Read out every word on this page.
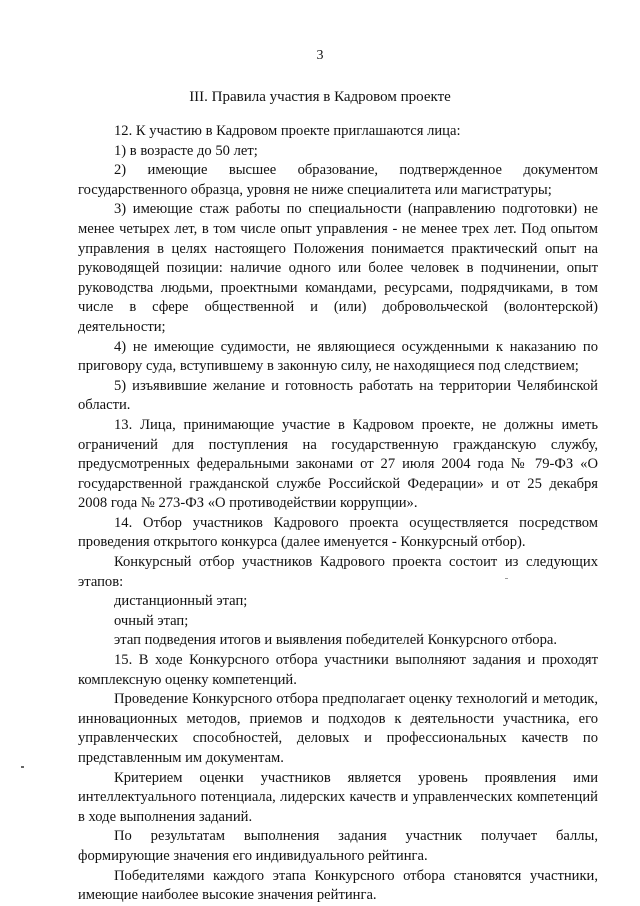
3
III. Правила участия в Кадровом проекте

12. К участию в Кадровом проекте приглашаются лица:

1) в возрасте до 50 лет;

2) имеющие высшее образование, подтвержденное документом государственного образца, уровня не ниже специалитета или магистратуры;

3) имеющие стаж работы по специальности (направлению подготовки) не менее четырех лет, в том числе опыт управления - не менее трех лет. Под опытом управления в целях настоящего Положения понимается практический опыт на руководящей позиции: наличие одного или более человек в подчинении, опыт руководства людьми, проектными командами, ресурсами, подрядчиками, в том числе в сфере общественной и (или) добровольческой (волонтерской) деятельности;

4) не имеющие судимости, не являющиеся осужденными к наказанию по приговору суда, вступившему в законную силу, не находящиеся под следствием;

5) изъявившие желание и готовность работать на территории Челябинской области.

13. Лица, принимающие участие в Кадровом проекте, не должны иметь ограничений для поступления на государственную гражданскую службу, предусмотренных федеральными законами от 27 июля 2004 года № 79-ФЗ «О государственной гражданской службе Российской Федерации» и от 25 декабря 2008 года № 273-ФЗ «О противодействии коррупции».

14. Отбор участников Кадрового проекта осуществляется посредством проведения открытого конкурса (далее именуется - Конкурсный отбор).

Конкурсный отбор участников Кадрового проекта состоит из следующих этапов:

дистанционный этап;

очный этап;

этап подведения итогов и выявления победителей Конкурсного отбора.

15. В ходе Конкурсного отбора участники выполняют задания и проходят комплексную оценку компетенций.

Проведение Конкурсного отбора предполагает оценку технологий и методик, инновационных методов, приемов и подходов к деятельности участника, его управленческих способностей, деловых и профессиональных качеств по представленным им документам.

Критерием оценки участников является уровень проявления ими интеллектуального потенциала, лидерских качеств и управленческих компетенций в ходе выполнения заданий.

По результатам выполнения задания участник получает баллы, формирующие значения его индивидуального рейтинга.

Победителями каждого этапа Конкурсного отбора становятся участники, имеющие наиболее высокие значения рейтинга.
